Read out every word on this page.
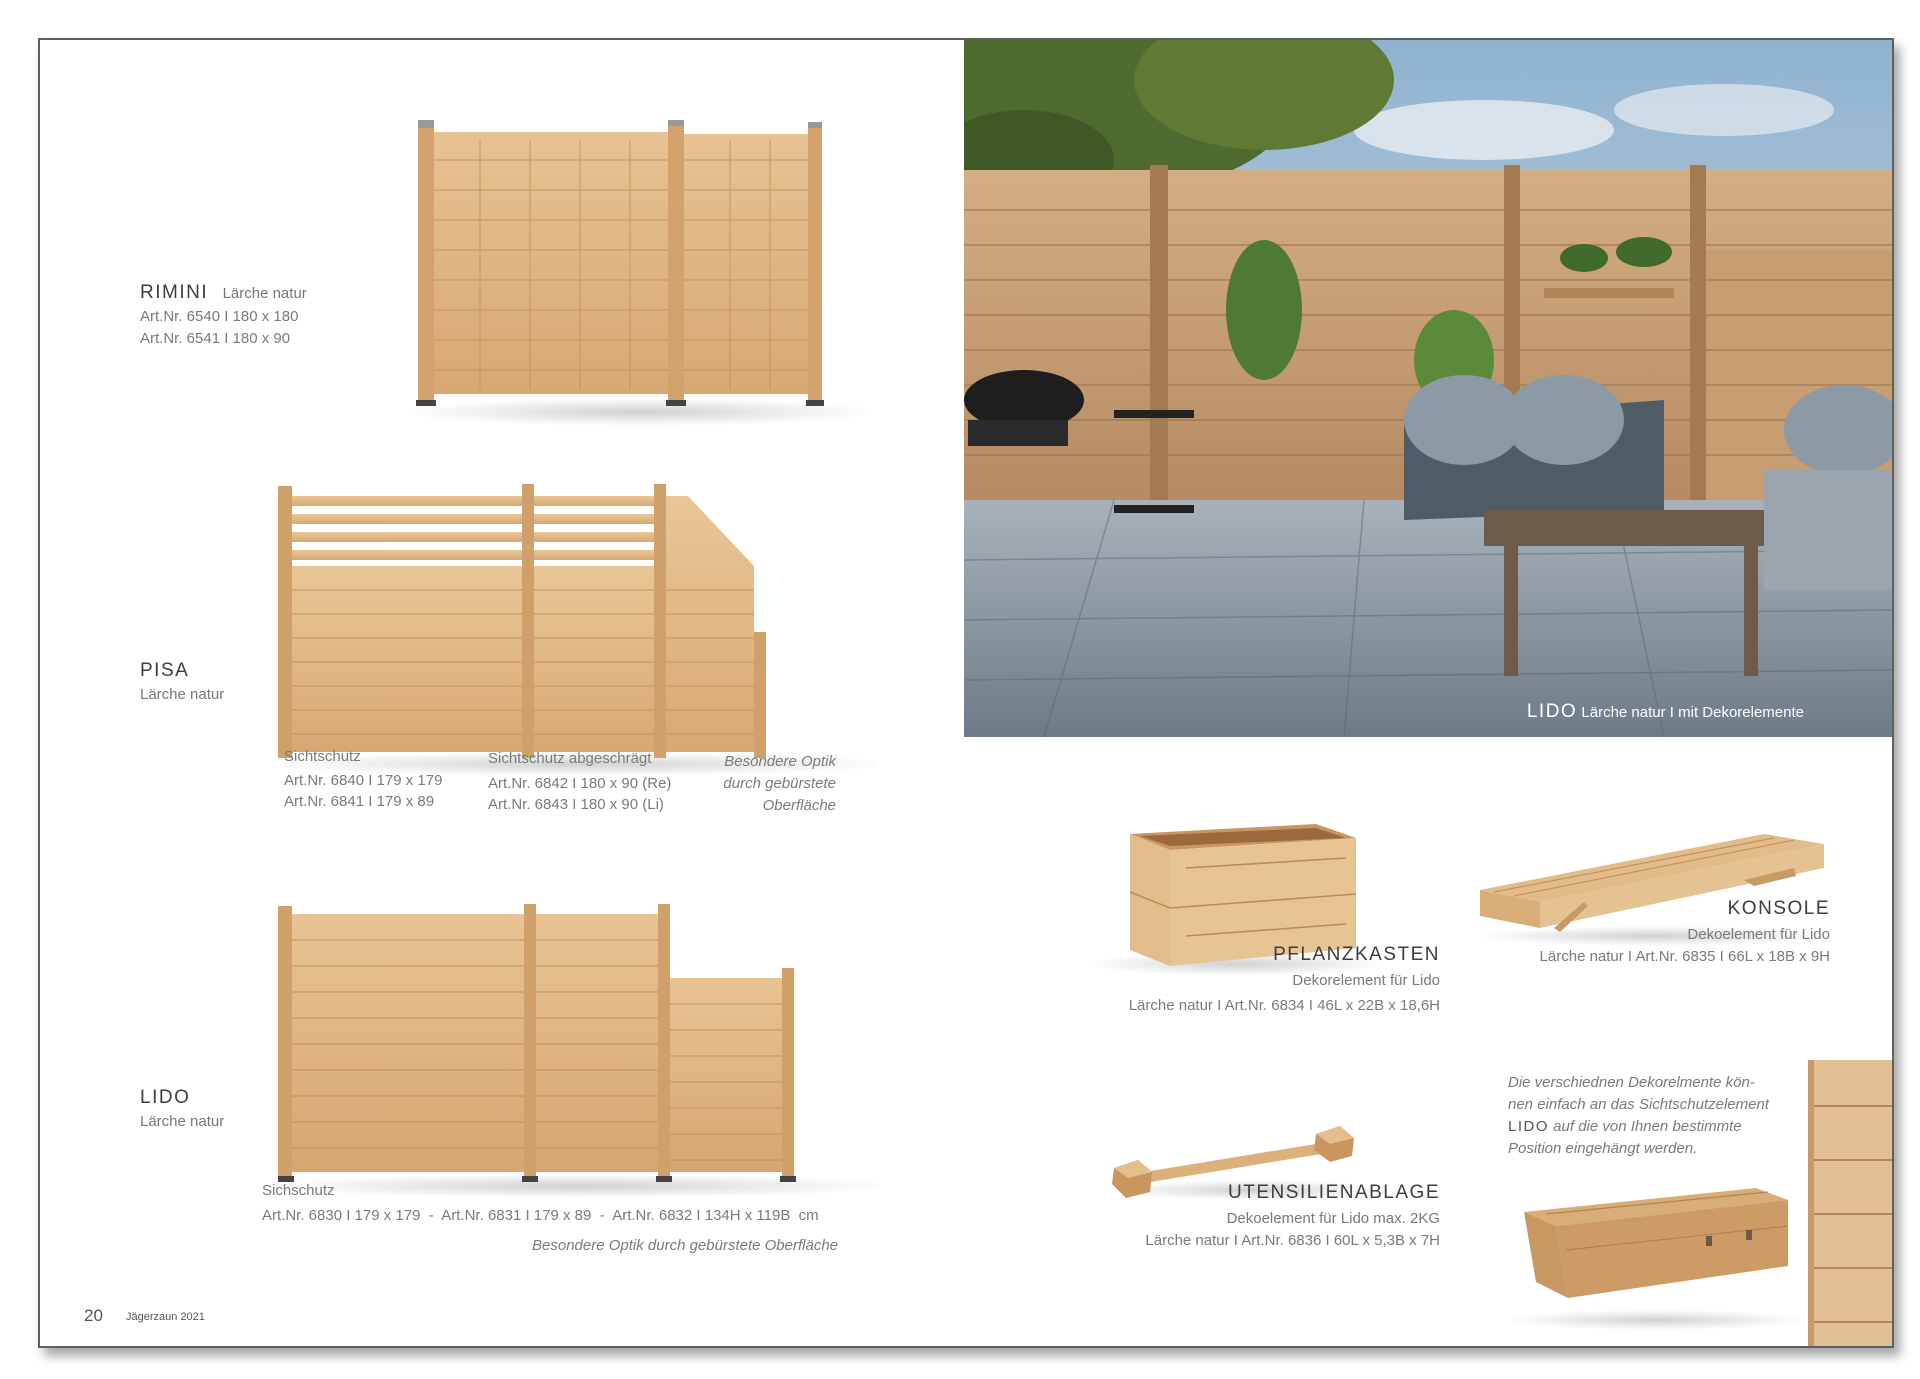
RIMINI Lärche natur
Art.Nr. 6540 I 180 x 180
Art.Nr. 6541 I 180 x 90
PISA
Lärche natur
Sichtschutz
Art.Nr. 6840 I 179 x 179
Art.Nr. 6841 I 179 x 89
Sichtschutz abgeschrägt
Art.Nr. 6842 I 180 x 90 (Re)
Art.Nr. 6843 I 180 x 90 (Li)
Besondere Optik
durch gebürstete
Oberfläche
LIDO
Lärche natur
Sichschutz
Art.Nr. 6830 I 179 x 179  -  Art.Nr. 6831 I 179 x 89  -  Art.Nr. 6832 I 134H x 119B  cm
Besondere Optik durch gebürstete Oberfläche
LIDO Lärche natur I mit Dekorelemente
PFLANZKASTEN
Dekorelement für Lido
Lärche natur I Art.Nr. 6834 I 46L x 22B x 18,6H
KONSOLE
Dekoelement für Lido
Lärche natur I Art.Nr. 6835 I 66L x 18B x 9H
UTENSILIENABLAGE
Dekoelement für Lido max. 2KG
Lärche natur I Art.Nr. 6836 I 60L x 5,3B x 7H
Die verschiednen Dekorelmente kön-
nen einfach an das Sichtschutzelement
LIDO auf die von Ihnen bestimmte
Position eingehängt werden.
20 Jägerzaun 2021
